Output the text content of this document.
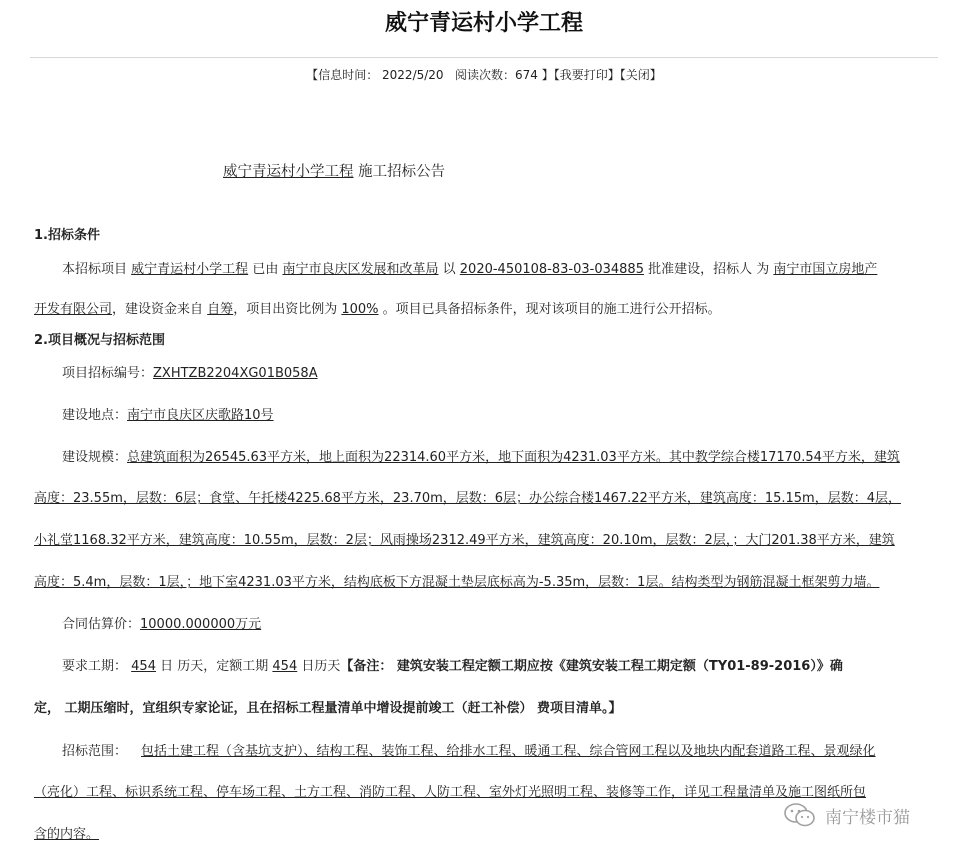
威宁青运村小学工程
【信息时间： 2022/5/20 阅读次数：674 】【我要打印】【关闭】
威宁青运村小学工程 施工招标公告
1.招标条件
本招标项目 威宁青运村小学工程 已由 南宁市良庆区发展和改革局 以 2020-450108-83-03-034885 批准建设，招标人 为 南宁市国立房地产
开发有限公司，建设资金来自 自筹，项目出资比例为 100% 。项目已具备招标条件，现对该项目的施工进行公开招标。
2.项目概况与招标范围
项目招标编号：ZXHTZB2204XG01B058A
建设地点：南宁市良庆区庆歌路10号
建设规模：总建筑面积为26545.63平方米，地上面积为22314.60平方米，地下面积为4231.03平方米。其中教学综合楼17170.54平方米，建筑
高度：23.55m，层数：6层；食堂、午托楼4225.68平方米，23.70m，层数：6层；办公综合楼1467.22平方米，建筑高度：15.15m，层数：4层，
小礼堂1168.32平方米，建筑高度：10.55m，层数：2层；风雨操场2312.49平方米，建筑高度：20.10m，层数：2层，；大门201.38平方米，建筑
高度：5.4m，层数：1层，；地下室4231.03平方米，结构底板下方混凝土垫层底标高为-5.35m，层数：1层。结构类型为钢筋混凝土框架剪力墙。
合同估算价：10000.000000万元
要求工期： 454 日 历天，定额工期 454 日历天【备注： 建筑安装工程定额工期应按《建筑安装工程工期定额（TY01-89-2016）》确
定， 工期压缩时，宜组织专家论证，且在招标工程量清单中增设提前竣工（赶工补偿） 费项目清单。】
招标范围： 包括土建工程（含基坑支护）、结构工程、装饰工程、给排水工程、暖通工程、综合管网工程以及地块内配套道路工程、景观绿化
（亮化）工程、标识系统工程、停车场工程、土方工程、消防工程、人防工程、室外灯光照明工程、装修等工作，详见工程量清单及施工图纸所包
含的内容。
南宁楼市猫
